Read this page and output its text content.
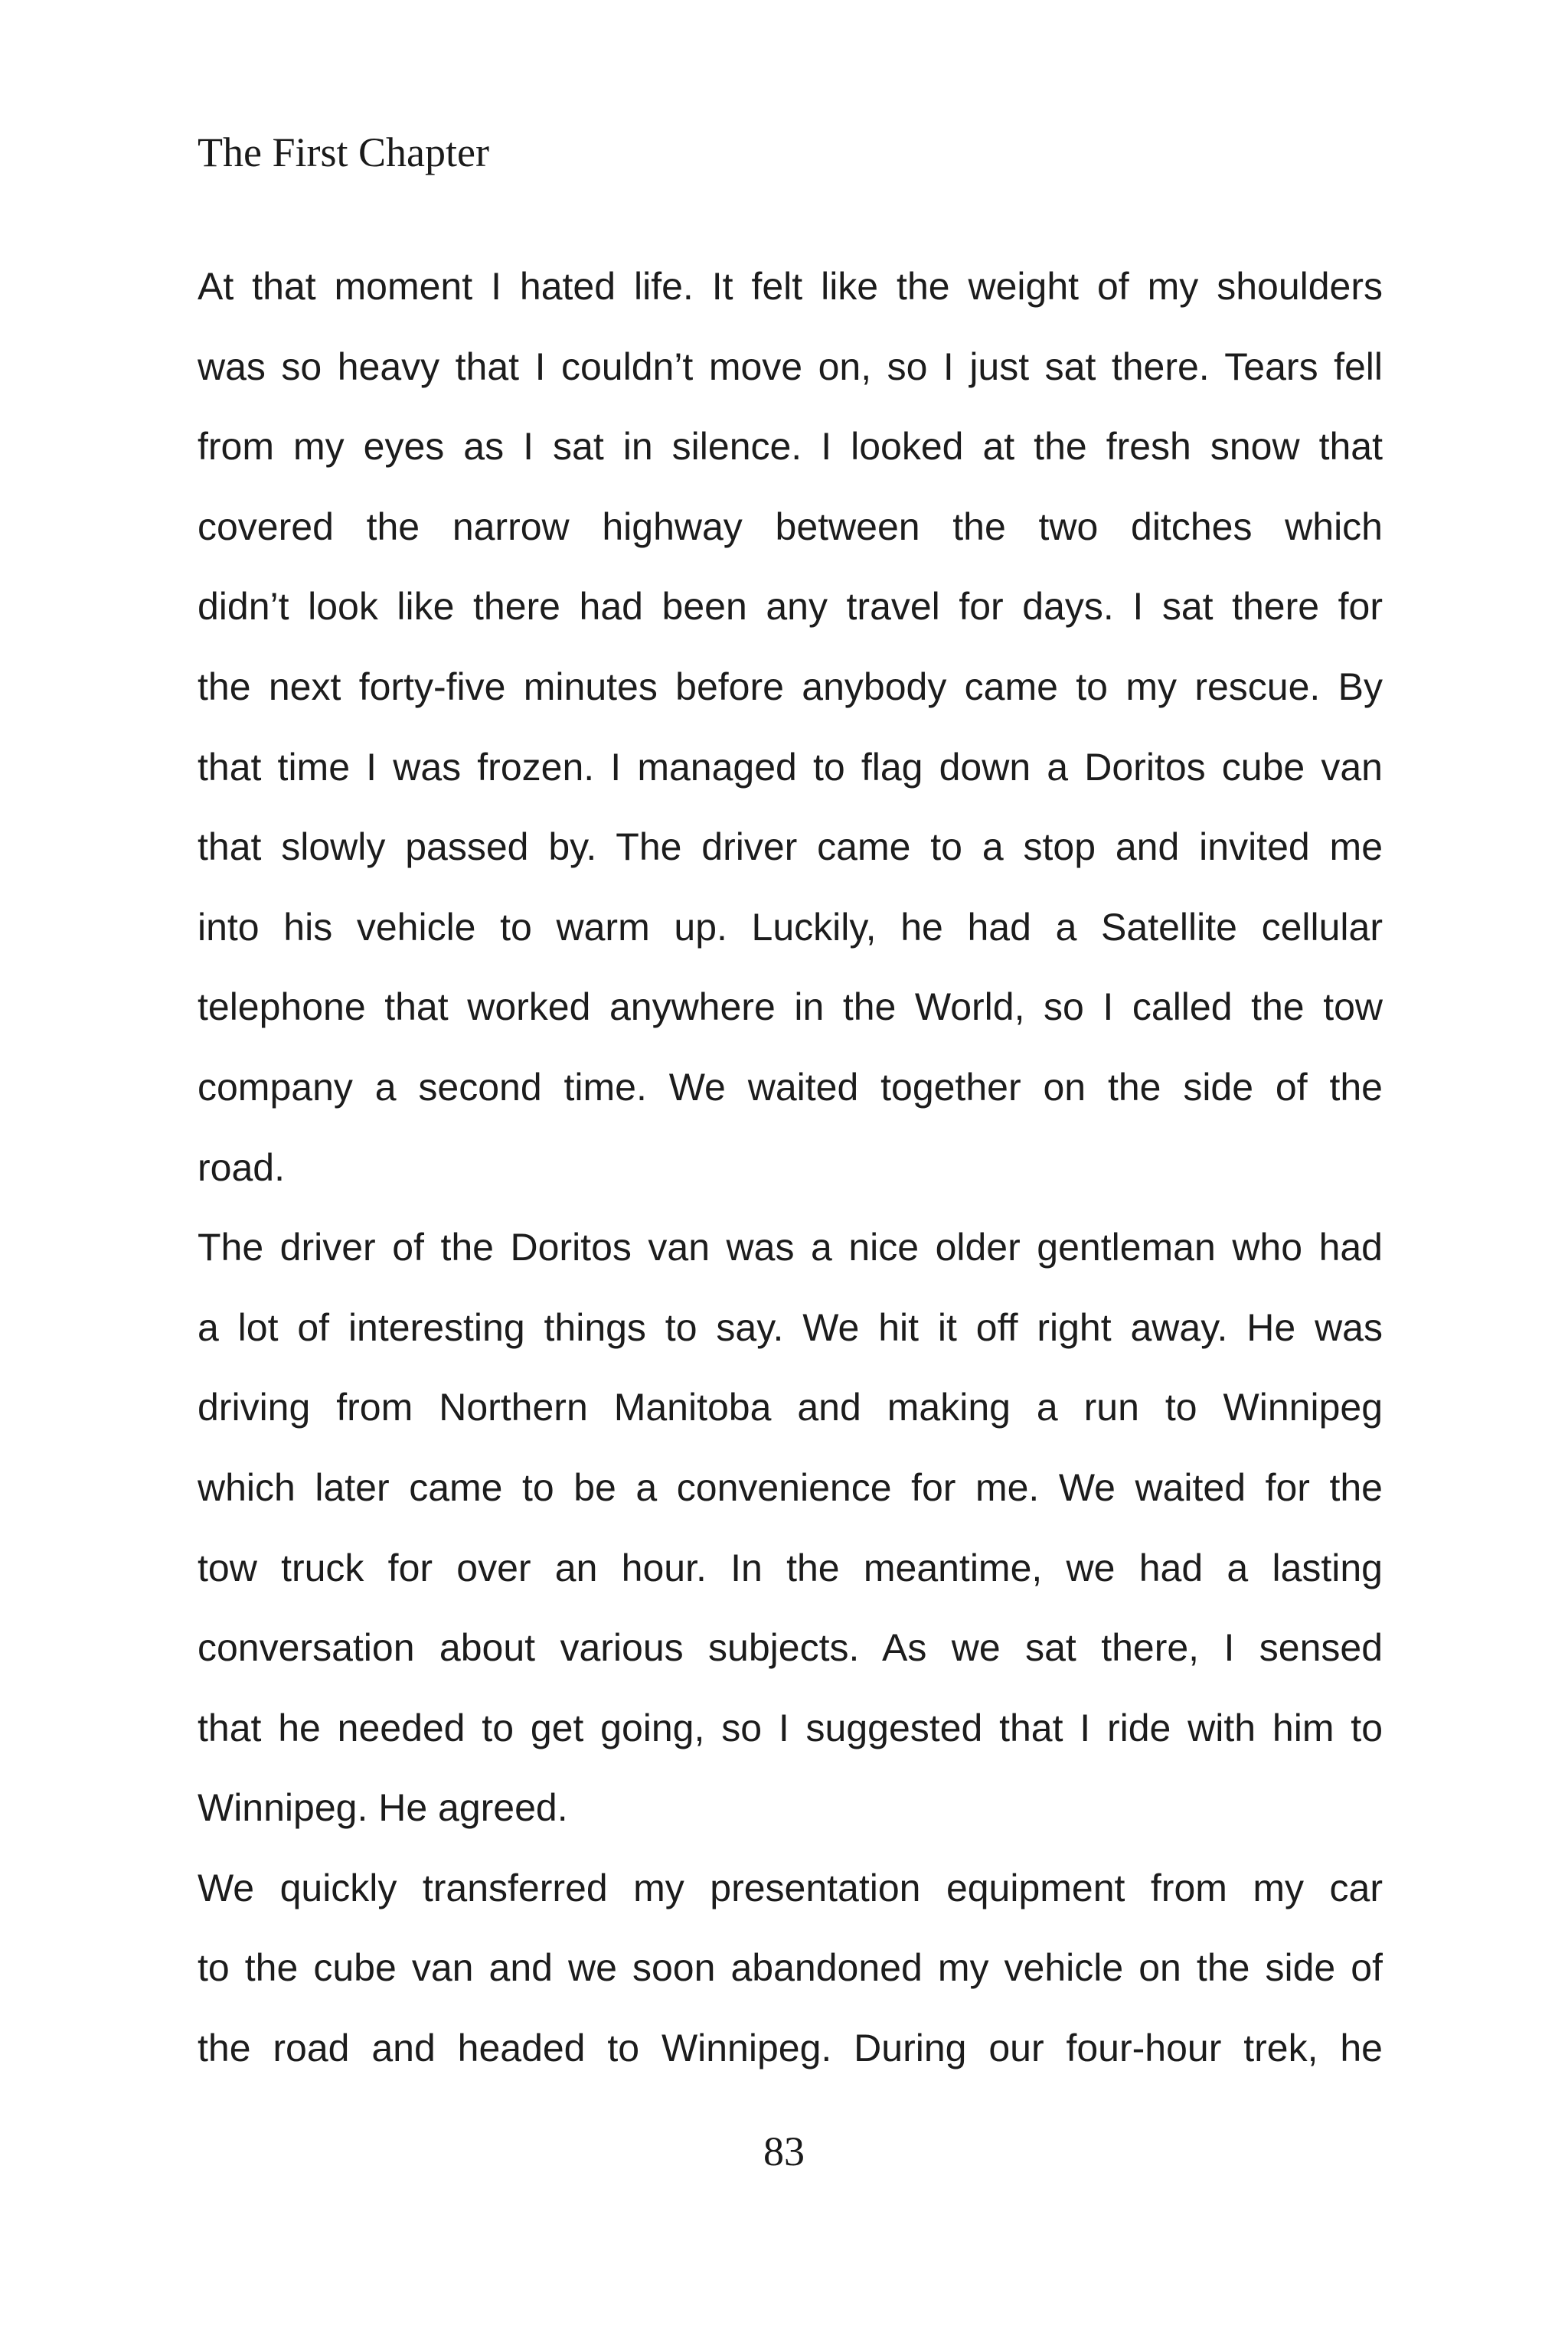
The First Chapter

At that moment I hated life. It felt like the weight of my shoulders
was so heavy that I couldn’t move on, so I just sat there. Tears fell
from my eyes as I sat in silence. I looked at the fresh snow that
covered the narrow highway between the two ditches which
didn’t look like there had been any travel for days. I sat there for
the next forty-five minutes before anybody came to my rescue. By
that time I was frozen. I managed to flag down a Doritos cube van
that slowly passed by. The driver came to a stop and invited me
into his vehicle to warm up. Luckily, he had a Satellite cellular
telephone that worked anywhere in the World, so I called the tow
company a second time. We waited together on the side of the
road.

The driver of the Doritos van was a nice older gentleman who had
a lot of interesting things to say. We hit it off right away. He was
driving from Northern Manitoba and making a run to Winnipeg
which later came to be a convenience for me. We waited for the
tow truck for over an hour. In the meantime, we had a lasting
conversation about various subjects. As we sat there, I sensed
that he needed to get going, so I suggested that I ride with him to
Winnipeg. He agreed.

We quickly transferred my presentation equipment from my car
to the cube van and we soon abandoned my vehicle on the side of
the road and headed to Winnipeg. During our four-hour trek, he

83
